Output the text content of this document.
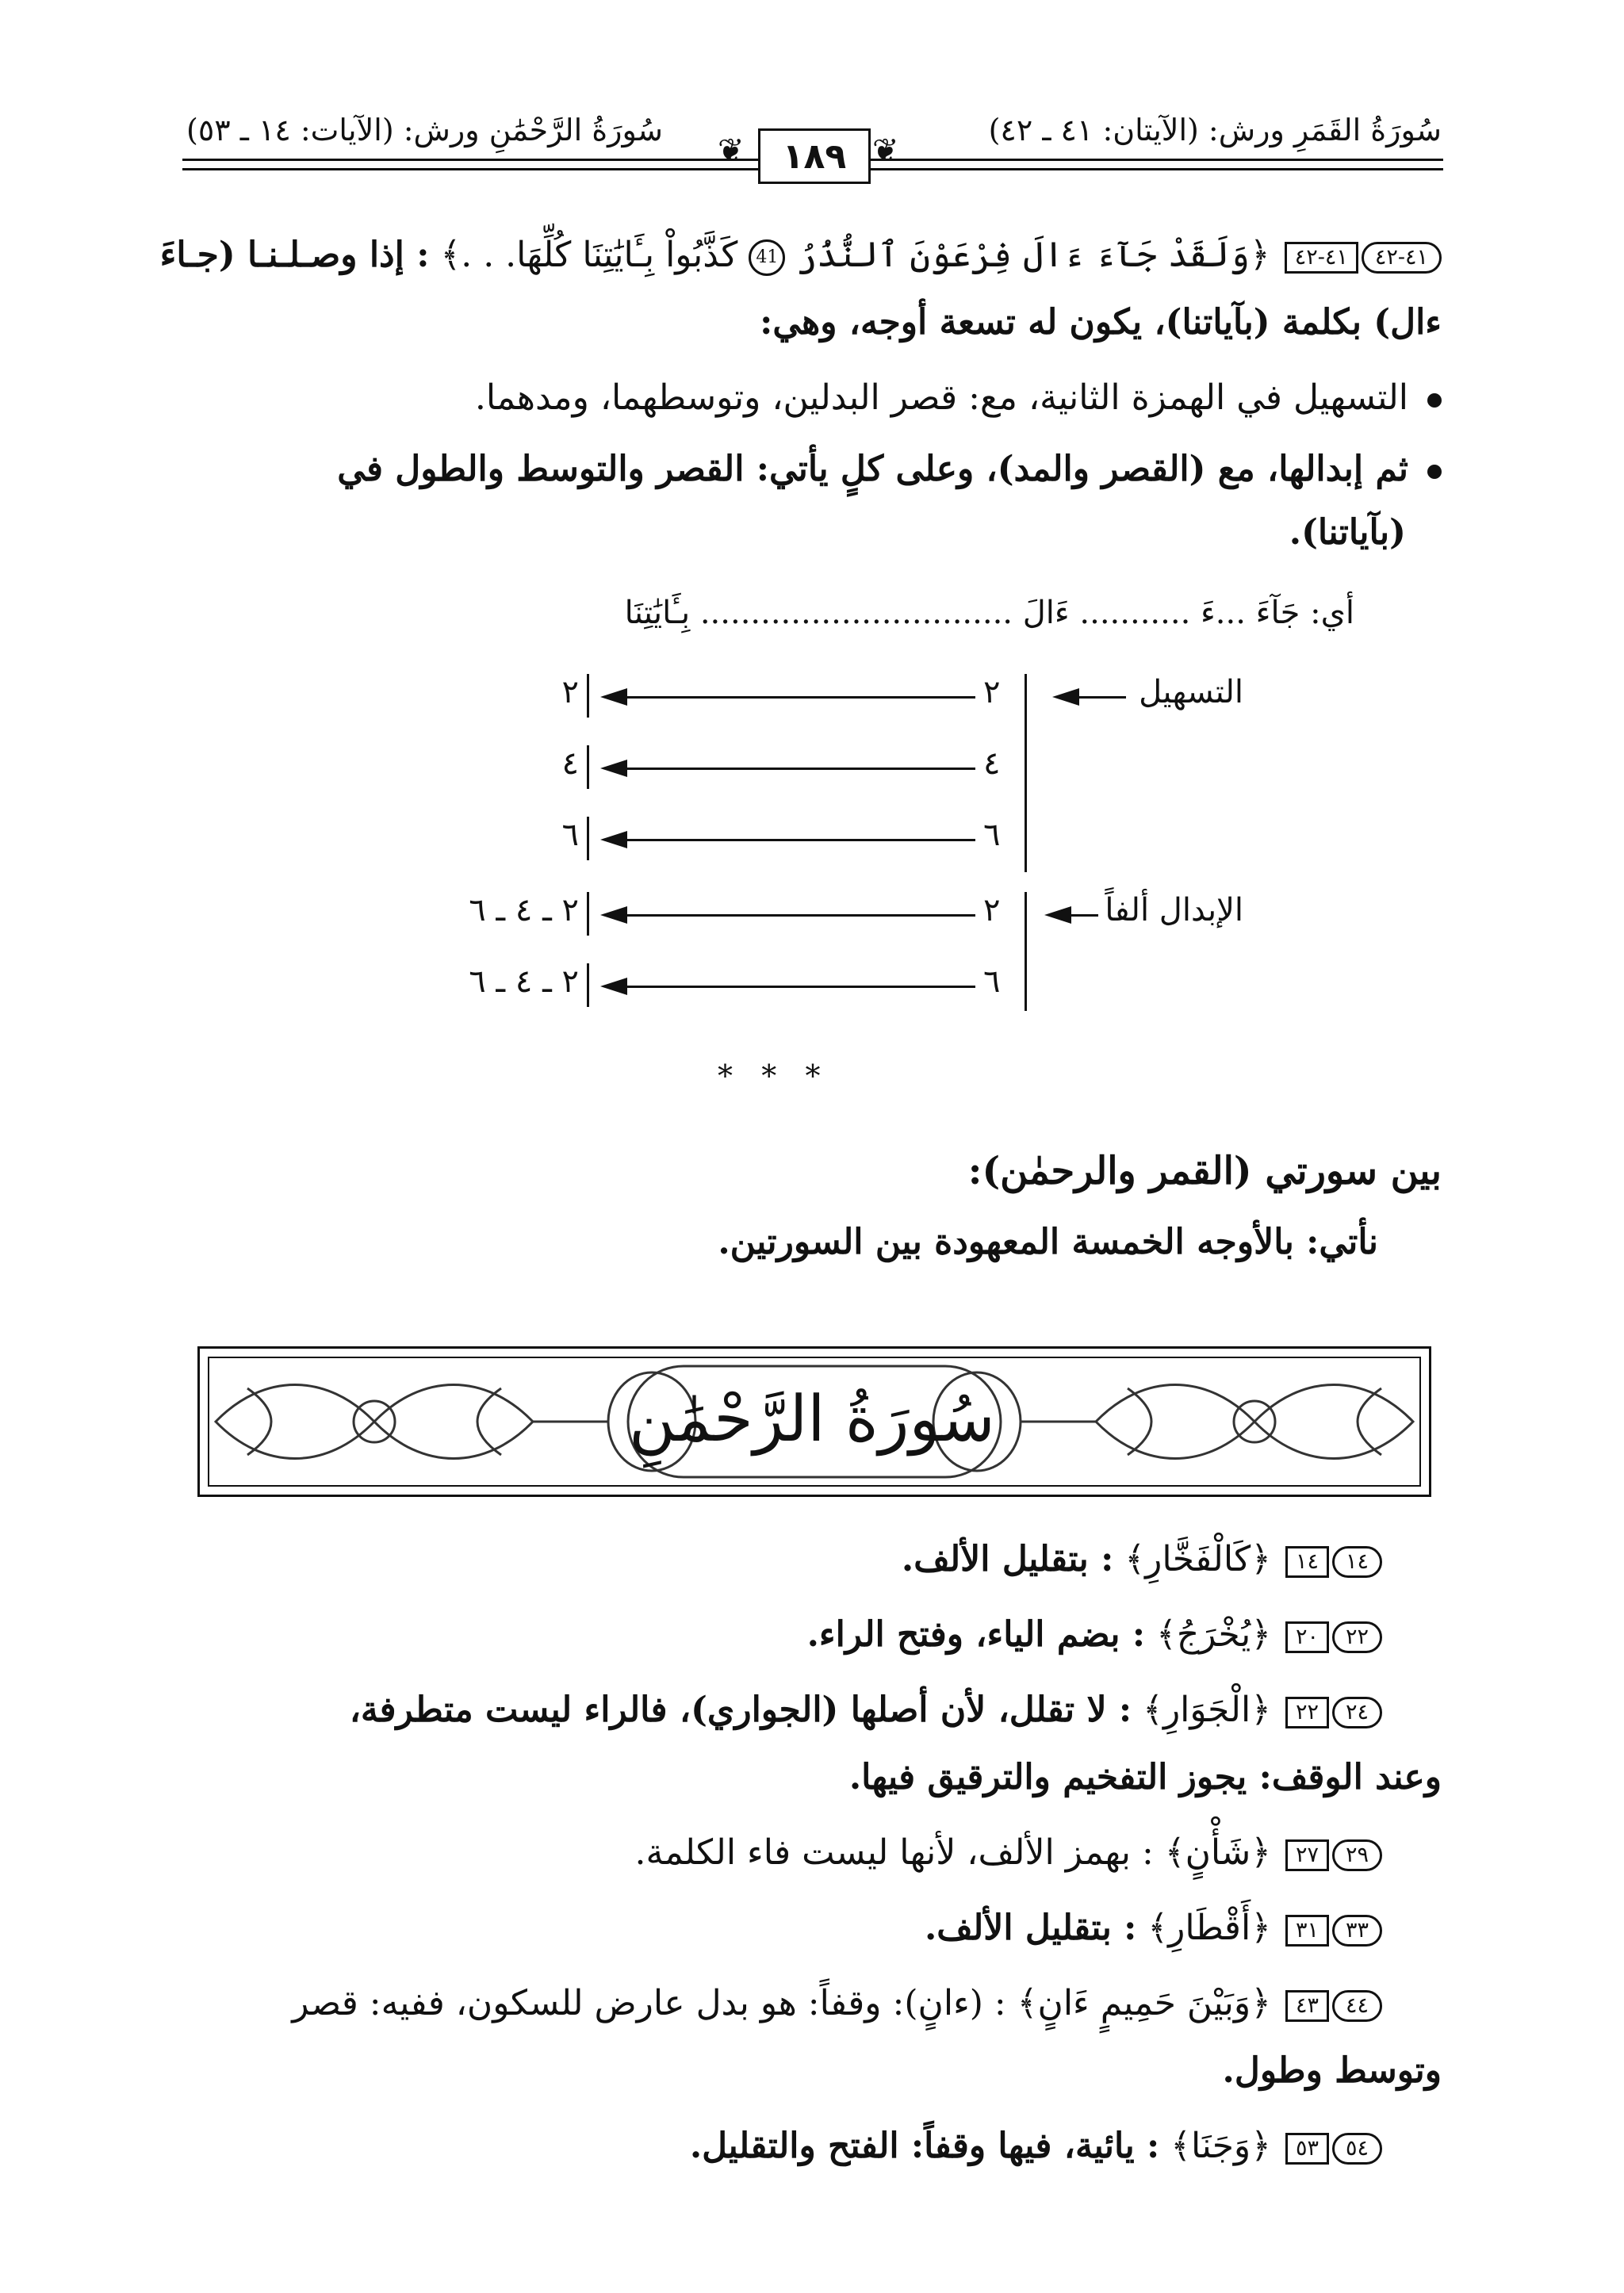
سُورَةُ القَمَرِ ورش: (الآيتان: ٤١ ـ ٤٢)
سُورَةُ الرَّحْمَٰنِ ورش: (الآيات: ١٤ ـ ٥٣)
❦	❦
١٨٩
٤١-٤٢٤١-٤٢ ﴿وَلَقَدْ جَآءَ ءَالَ فِرْعَوْنَ ٱلنُّذُرُ 41 كَذَّبُواْ بِـَٔايَٰتِنَا كُلِّهَا. . .﴾ : إذا وصـلـنـا (جـاءَ
ءال) بكلمة (بآياتنا)، يكون له تسعة أوجه، وهي:
التسهيل في الهمزة الثانية، مع: قصر البدلين، وتوسطهما، ومدهما.
ثم إبدالها، مع (القصر والمد)، وعلى كلٍ يأتي: القصر والتوسط والطول في
(بآياتنا).
أي: جَآءَ ...ءَ ........... ءَالَ ............................... بِـَٔايَٰتِنَا
التسهيل
الإبدال ألفاً
٢
٢
٤
٤
٦
٦
٢
٢ ـ ٤ ـ ٦
٦
٢ ـ ٤ ـ ٦
*   *   *
بين سورتي (القمر والرحمٰن):
نأتي: بالأوجه الخمسة المعهودة بين السورتين.
سُورَةُ الرَّحْمَٰنِ
١٤١٤ ﴿كَالْفَخَّارِ﴾ : بتقليل الألف.
٢٢٢٠ ﴿يُخْرَجُ﴾ : بضم الياء، وفتح الراء.
٢٤٢٢ ﴿الْجَوَارِ﴾ : لا تقلل، لأن أصلها (الجواري)، فالراء ليست متطرفة،
وعند الوقف: يجوز التفخيم والترقيق فيها.
٢٩٢٧ ﴿شَأْنٍ﴾ : بهمز الألف، لأنها ليست فاء الكلمة.
٣٣٣١ ﴿أَقْطَارِ﴾ : بتقليل الألف.
٤٤٤٣ ﴿وَبَيْنَ حَمِيمٍ ءَانٍ﴾ : (ءانٍ): وقفاً: هو بدل عارض للسكون، ففيه: قصر
وتوسط وطول.
٥٤٥٣ ﴿وَجَنَا﴾ : يائية، فيها وقفاً: الفتح والتقليل.
